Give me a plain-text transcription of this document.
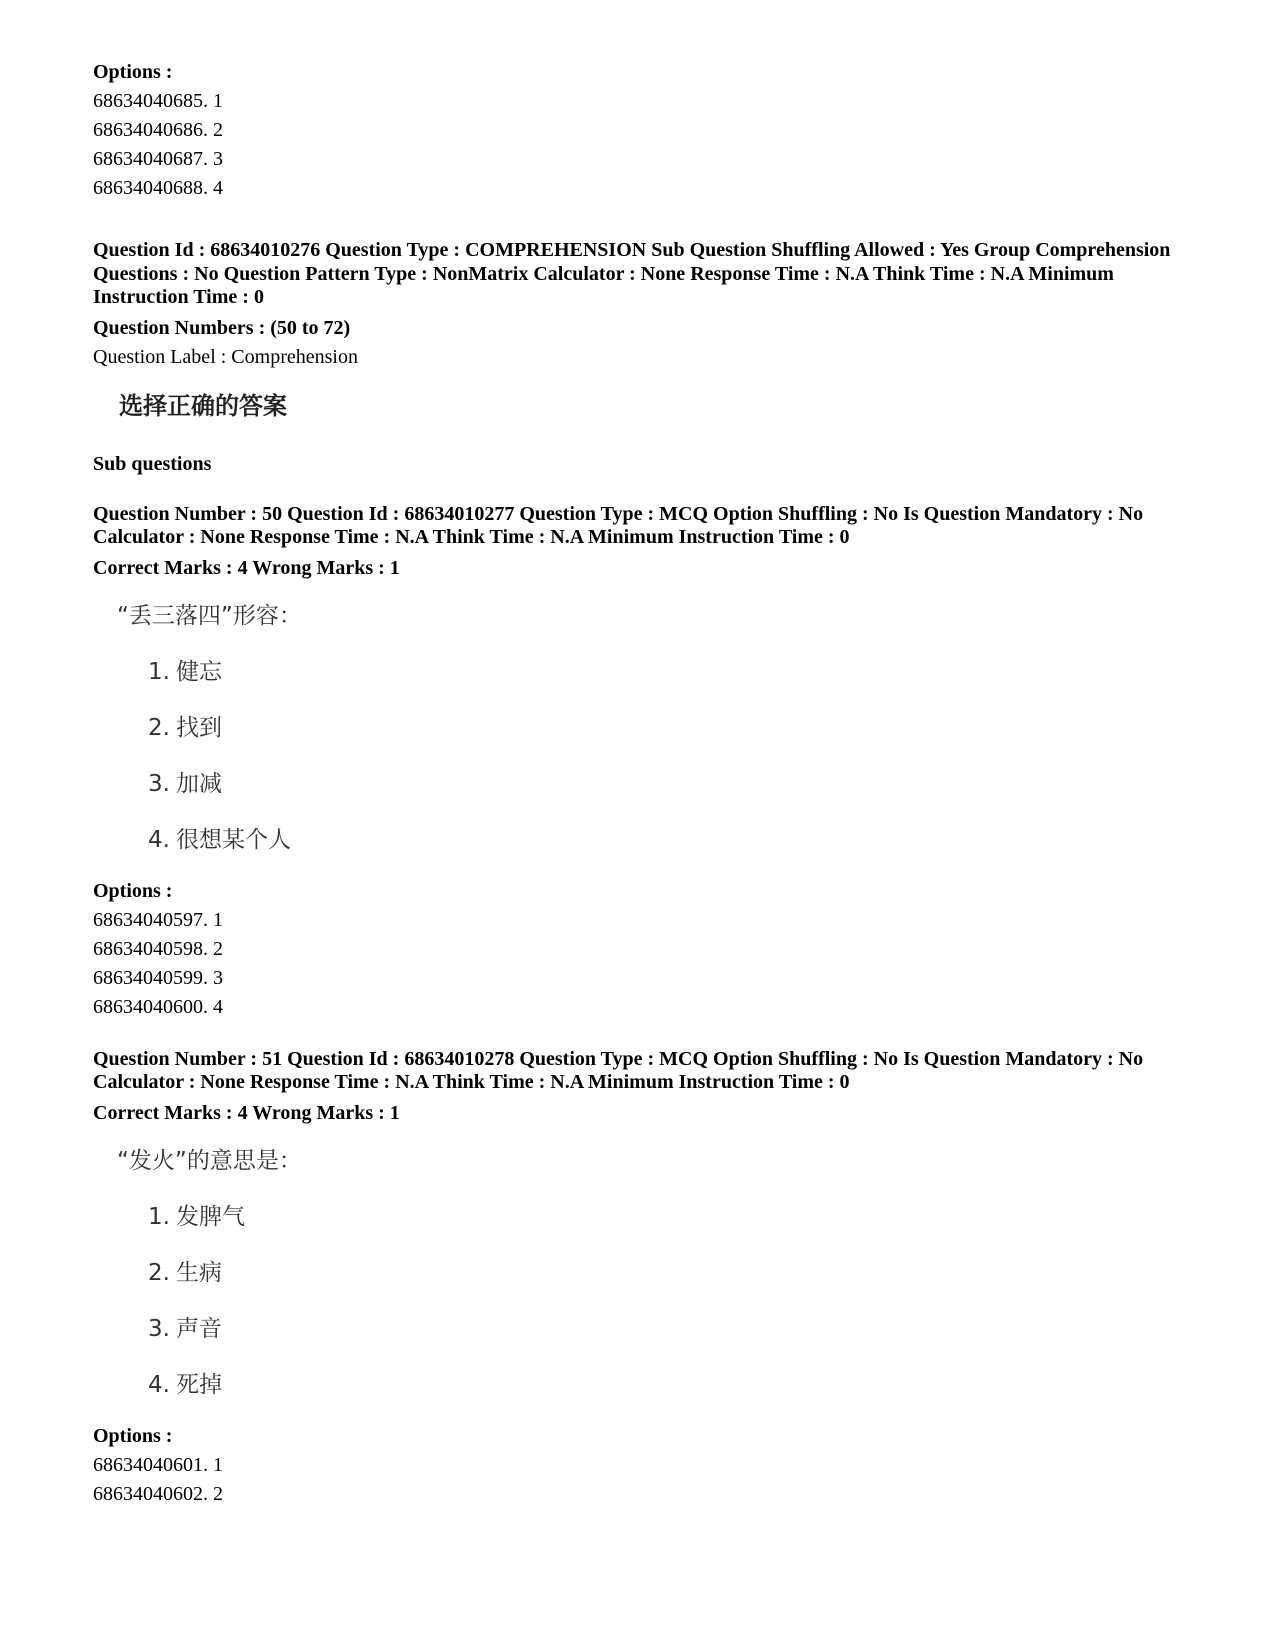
Options :

68634040685. 1

68634040686. 2

68634040687. 3

68634040688. 4

Question Id : 68634010276 Question Type : COMPREHENSION Sub Question Shuffling Allowed : Yes Group Comprehension Questions : No Question Pattern Type : NonMatrix Calculator : None Response Time : N.A Think Time : N.A Minimum Instruction Time : 0

Question Numbers : (50 to 72)

Question Label : Comprehension

选择正确的答案

Sub questions

Question Number : 50 Question Id : 68634010277 Question Type : MCQ Option Shuffling : No Is Question Mandatory : No Calculator : None Response Time : N.A Think Time : N.A Minimum Instruction Time : 0

Correct Marks : 4 Wrong Marks : 1

“丢三落四”形容：
1. 健忘
2. 找到
3. 加减
4. 很想某个人

Options :

68634040597. 1

68634040598. 2

68634040599. 3

68634040600. 4

Question Number : 51 Question Id : 68634010278 Question Type : MCQ Option Shuffling : No Is Question Mandatory : No Calculator : None Response Time : N.A Think Time : N.A Minimum Instruction Time : 0

Correct Marks : 4 Wrong Marks : 1

“发火”的意思是：
1. 发脾气
2. 生病
3. 声音
4. 死掉

Options :

68634040601. 1

68634040602. 2
